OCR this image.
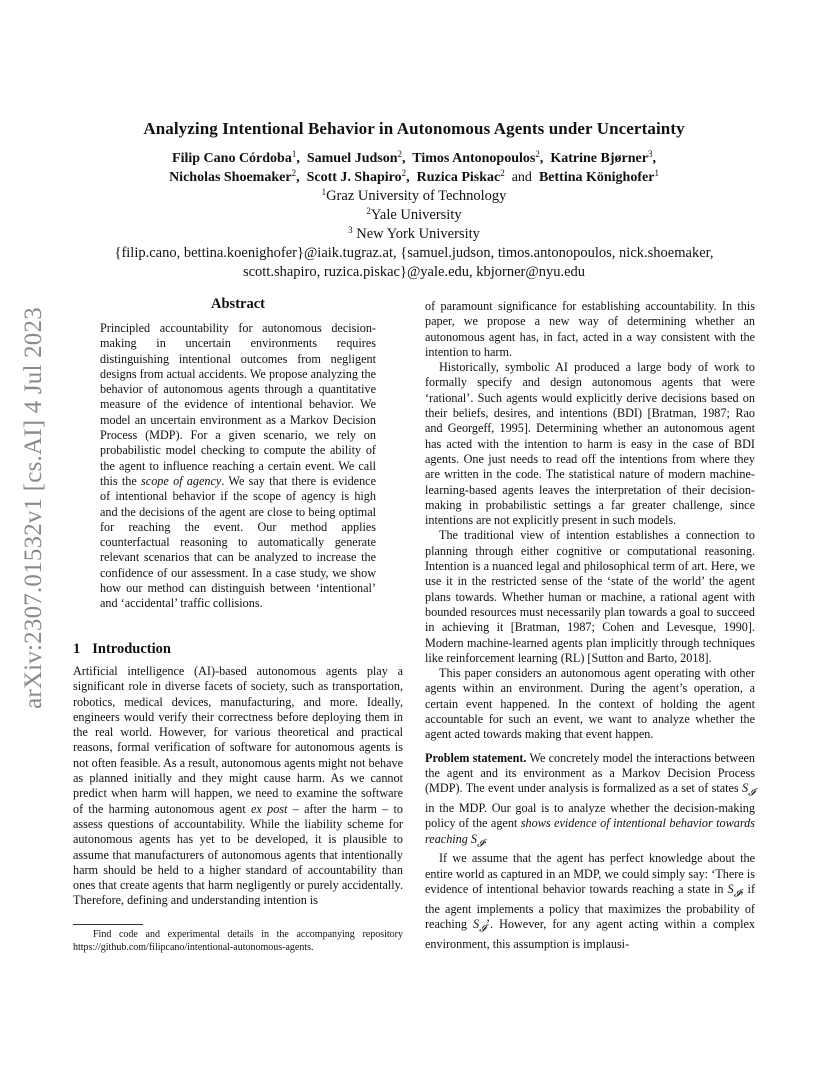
Analyzing Intentional Behavior in Autonomous Agents under Uncertainty
Filip Cano Córdoba$^1$,  Samuel Judson$^2$,  Timos Antonopoulos$^2$,  Katrine Bjørner$^3$,
Nicholas Shoemaker$^2$,  Scott J. Shapiro$^2$,  Ruzica Piskac$^2$ and Bettina Könighofer$^1$
$^1$Graz University of Technology
$^2$Yale University
$^3$ New York University
{filip.cano, bettina.koenighofer}@iaik.tugraz.at, {samuel.judson, timos.antonopoulos, nick.shoemaker,
scott.shapiro, ruzica.piskac}@yale.edu, kbjorner@nyu.edu
arXiv:2307.01532v1 [cs.AI] 4 Jul 2023
Abstract
Principled accountability for autonomous decision-making in uncertain environments requires distinguishing intentional outcomes from negligent designs from actual accidents. We propose analyzing the behavior of autonomous agents through a quantitative measure of the evidence of intentional behavior. We model an uncertain environment as a Markov Decision Process (MDP). For a given scenario, we rely on probabilistic model checking to compute the ability of the agent to influence reaching a certain event. We call this the scope of agency. We say that there is evidence of intentional behavior if the scope of agency is high and the decisions of the agent are close to being optimal for reaching the event. Our method applies counterfactual reasoning to automatically generate relevant scenarios that can be analyzed to increase the confidence of our assessment. In a case study, we show how our method can distinguish between ‘intentional’ and ‘accidental’ traffic collisions.
1 Introduction

Artificial intelligence (AI)-based autonomous agents play a significant role in diverse facets of society, such as transportation, robotics, medical devices, manufacturing, and more. Ideally, engineers would verify their correctness before deploying them in the real world. However, for various theoretical and practical reasons, formal verification of software for autonomous agents is not often feasible. As a result, autonomous agents might not behave as planned initially and they might cause harm. As we cannot predict when harm will happen, we need to examine the software of the harming autonomous agent ex post – after the harm – to assess questions of accountability. While the liability scheme for autonomous agents has yet to be developed, it is plausible to assume that manufacturers of autonomous agents that intentionally harm should be held to a higher standard of accountability than ones that create agents that harm negligently or purely accidentally. Therefore, defining and understanding intention is

Find code and experimental details in the accompanying repository https://github.com/filipcano/intentional-autonomous-agents.

of paramount significance for establishing accountability. In this paper, we propose a new way of determining whether an autonomous agent has, in fact, acted in a way consistent with the intention to harm.

Historically, symbolic AI produced a large body of work to formally specify and design autonomous agents that were ‘rational’. Such agents would explicitly derive decisions based on their beliefs, desires, and intentions (BDI) [Bratman, 1987; Rao and Georgeff, 1995]. Determining whether an autonomous agent has acted with the intention to harm is easy in the case of BDI agents. One just needs to read off the intentions from where they are written in the code. The statistical nature of modern machine-learning-based agents leaves the interpretation of their decision-making in probabilistic settings a far greater challenge, since intentions are not explicitly present in such models.

The traditional view of intention establishes a connection to planning through either cognitive or computational reasoning. Intention is a nuanced legal and philosophical term of art. Here, we use it in the restricted sense of the ‘state of the world’ the agent plans towards. Whether human or machine, a rational agent with bounded resources must necessarily plan towards a goal to succeed in achieving it [Bratman, 1987; Cohen and Levesque, 1990]. Modern machine-learned agents plan implicitly through techniques like reinforcement learning (RL) [Sutton and Barto, 2018].

This paper considers an autonomous agent operating with other agents within an environment. During the agent’s operation, a certain event happened. In the context of holding the agent accountable for such an event, we want to analyze whether the agent acted towards making that event happen.

Problem statement. We concretely model the interactions between the agent and its environment as a Markov Decision Process (MDP). The event under analysis is formalized as a set of states $S_𝓘$ in the MDP. Our goal is to analyze whether the decision-making policy of the agent shows evidence of intentional behavior towards reaching $S_𝓘$.

If we assume that the agent has perfect knowledge about the entire world as captured in an MDP, we could simply say: ‘There is evidence of intentional behavior towards reaching a state in $S_𝓘$, if the agent implements a policy that maximizes the probability of reaching $S_𝓘$’. However, for any agent acting within a complex environment, this assumption is implausi-
